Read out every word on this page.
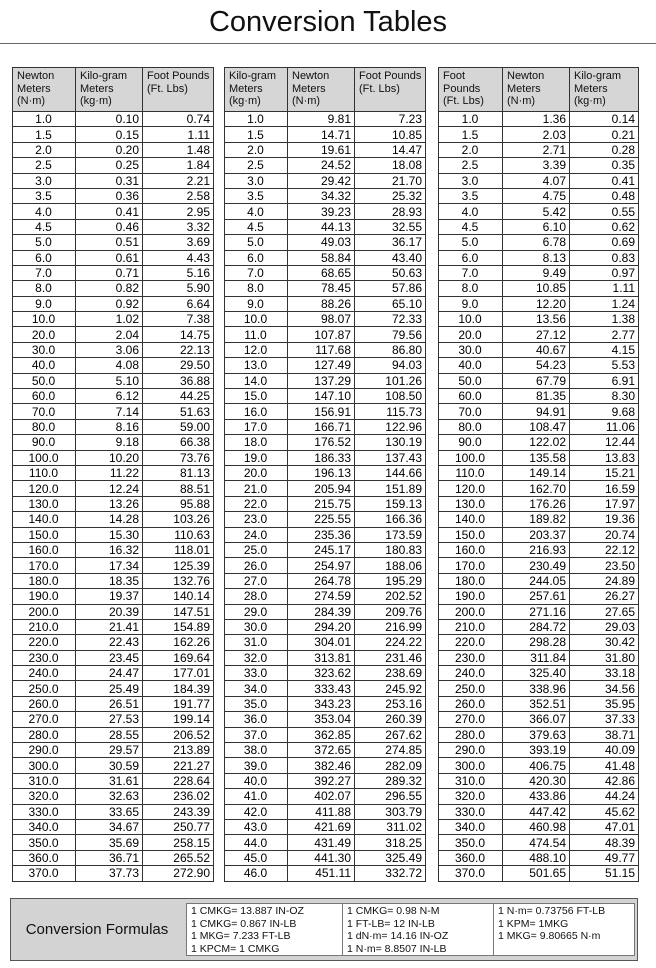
Conversion Tables
Newton Meters (N·m)	Kilo-gram Meters (kg·m)	Foot Pounds (Ft. Lbs)
1.0	0.10	0.74
1.5	0.15	1.11
2.0	0.20	1.48
2.5	0.25	1.84
3.0	0.31	2.21
3.5	0.36	2.58
4.0	0.41	2.95
4.5	0.46	3.32
5.0	0.51	3.69
6.0	0.61	4.43
7.0	0.71	5.16
8.0	0.82	5.90
9.0	0.92	6.64
10.0	1.02	7.38
20.0	2.04	14.75
30.0	3.06	22.13
40.0	4.08	29.50
50.0	5.10	36.88
60.0	6.12	44.25
70.0	7.14	51.63
80.0	8.16	59.00
90.0	9.18	66.38
100.0	10.20	73.76
110.0	11.22	81.13
120.0	12.24	88.51
130.0	13.26	95.88
140.0	14.28	103.26
150.0	15.30	110.63
160.0	16.32	118.01
170.0	17.34	125.39
180.0	18.35	132.76
190.0	19.37	140.14
200.0	20.39	147.51
210.0	21.41	154.89
220.0	22.43	162.26
230.0	23.45	169.64
240.0	24.47	177.01
250.0	25.49	184.39
260.0	26.51	191.77
270.0	27.53	199.14
280.0	28.55	206.52
290.0	29.57	213.89
300.0	30.59	221.27
310.0	31.61	228.64
320.0	32.63	236.02
330.0	33.65	243.39
340.0	34.67	250.77
350.0	35.69	258.15
360.0	36.71	265.52
370.0	37.73	272.90
Kilo-gram Meters (kg·m)	Newton Meters (N·m)	Foot Pounds (Ft. Lbs)
1.0	9.81	7.23
1.5	14.71	10.85
2.0	19.61	14.47
2.5	24.52	18.08
3.0	29.42	21.70
3.5	34.32	25.32
4.0	39.23	28.93
4.5	44.13	32.55
5.0	49.03	36.17
6.0	58.84	43.40
7.0	68.65	50.63
8.0	78.45	57.86
9.0	88.26	65.10
10.0	98.07	72.33
11.0	107.87	79.56
12.0	117.68	86.80
13.0	127.49	94.03
14.0	137.29	101.26
15.0	147.10	108.50
16.0	156.91	115.73
17.0	166.71	122.96
18.0	176.52	130.19
19.0	186.33	137.43
20.0	196.13	144.66
21.0	205.94	151.89
22.0	215.75	159.13
23.0	225.55	166.36
24.0	235.36	173.59
25.0	245.17	180.83
26.0	254.97	188.06
27.0	264.78	195.29
28.0	274.59	202.52
29.0	284.39	209.76
30.0	294.20	216.99
31.0	304.01	224.22
32.0	313.81	231.46
33.0	323.62	238.69
34.0	333.43	245.92
35.0	343.23	253.16
36.0	353.04	260.39
37.0	362.85	267.62
38.0	372.65	274.85
39.0	382.46	282.09
40.0	392.27	289.32
41.0	402.07	296.55
42.0	411.88	303.79
43.0	421.69	311.02
44.0	431.49	318.25
45.0	441.30	325.49
46.0	451.11	332.72
Foot Pounds (Ft. Lbs)	Newton Meters (N·m)	Kilo-gram Meters (kg·m)
1.0	1.36	0.14
1.5	2.03	0.21
2.0	2.71	0.28
2.5	3.39	0.35
3.0	4.07	0.41
3.5	4.75	0.48
4.0	5.42	0.55
4.5	6.10	0.62
5.0	6.78	0.69
6.0	8.13	0.83
7.0	9.49	0.97
8.0	10.85	1.11
9.0	12.20	1.24
10.0	13.56	1.38
20.0	27.12	2.77
30.0	40.67	4.15
40.0	54.23	5.53
50.0	67.79	6.91
60.0	81.35	8.30
70.0	94.91	9.68
80.0	108.47	11.06
90.0	122.02	12.44
100.0	135.58	13.83
110.0	149.14	15.21
120.0	162.70	16.59
130.0	176.26	17.97
140.0	189.82	19.36
150.0	203.37	20.74
160.0	216.93	22.12
170.0	230.49	23.50
180.0	244.05	24.89
190.0	257.61	26.27
200.0	271.16	27.65
210.0	284.72	29.03
220.0	298.28	30.42
230.0	311.84	31.80
240.0	325.40	33.18
250.0	338.96	34.56
260.0	352.51	35.95
270.0	366.07	37.33
280.0	379.63	38.71
290.0	393.19	40.09
300.0	406.75	41.48
310.0	420.30	42.86
320.0	433.86	44.24
330.0	447.42	45.62
340.0	460.98	47.01
350.0	474.54	48.39
360.0	488.10	49.77
370.0	501.65	51.15
Conversion Formulas
1 CMKG= 13.887 IN-OZ
1 CMKG= 0.867 IN-LB
1 MKG= 7.233 FT-LB
1 KPCM= 1 CMKG
1 CMKG= 0.98 N-M
1 FT-LB= 12 IN-LB
1 dN·m= 14.16 IN-OZ
1 N·m= 8.8507 IN-LB
1 N·m= 0.73756 FT-LB
1 KPM= 1MKG
1 MKG= 9.80665 N·m
